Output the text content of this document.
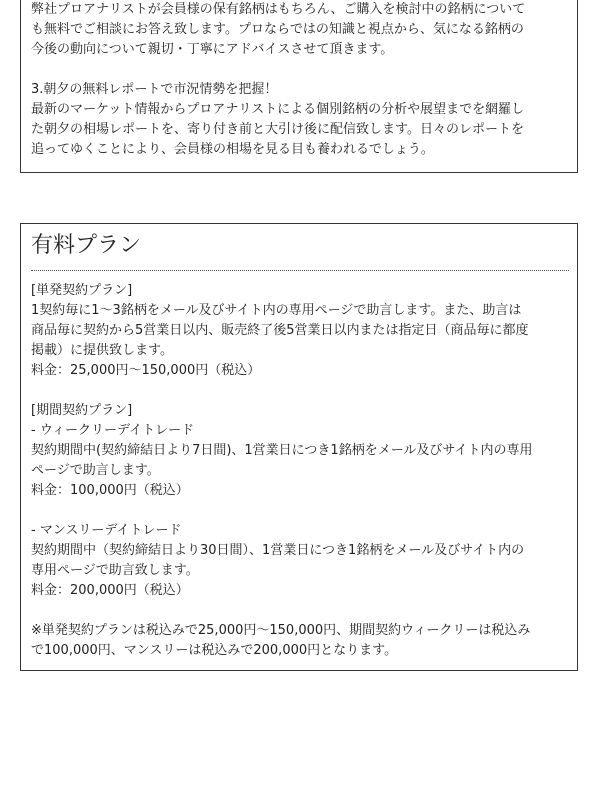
弊社プロアナリストが会員様の保有銘柄はもちろん、ご購入を検討中の銘柄について

も無料でご相談にお答え致します。プロならではの知識と視点から、気になる銘柄の

今後の動向について親切・丁寧にアドバイスさせて頂きます。

3.朝夕の無料レポートで市況情勢を把握！

最新のマーケット情報からプロアナリストによる個別銘柄の分析や展望までを網羅し

た朝夕の相場レポートを、寄り付き前と大引け後に配信致します。日々のレポートを

追ってゆくことにより、会員様の相場を見る目も養われるでしょう。

有料プラン

[単発契約プラン]

1契約毎に1～3銘柄をメール及びサイト内の専用ページで助言します。また、助言は

商品毎に契約から5営業日以内、販売終了後5営業日以内または指定日（商品毎に都度

掲載）に提供致します。

料金：25,000円～150,000円（税込）

[期間契約プラン]

- ウィークリーデイトレード

契約期間中(契約締結日より7日間)、1営業日につき1銘柄をメール及びサイト内の専用

ページで助言します。

料金：100,000円（税込）

- マンスリーデイトレード

契約期間中（契約締結日より30日間）、1営業日につき1銘柄をメール及びサイト内の

専用ページで助言致します。

料金：200,000円（税込）

※単発契約プランは税込みで25,000円～150,000円、期間契約ウィークリーは税込み

で100,000円、マンスリーは税込みで200,000円となります。
